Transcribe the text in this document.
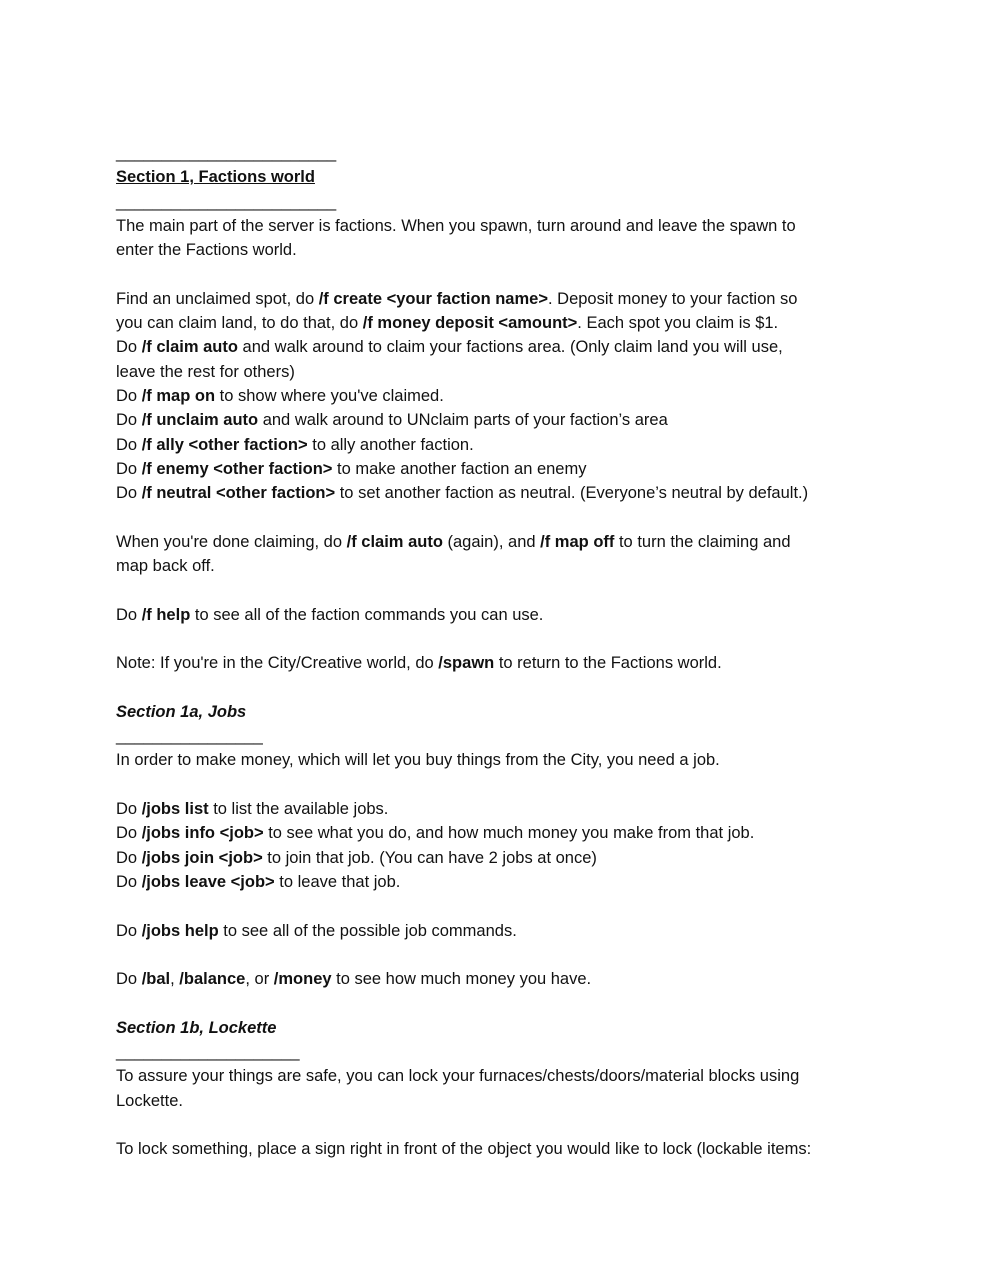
________________________
Section 1, Factions world
________________________
The main part of the server is factions. When you spawn, turn around and leave the spawn to
enter the Factions world.
Find an unclaimed spot, do /f create <your faction name>. Deposit money to your faction so
you can claim land, to do that, do /f money deposit <amount>. Each spot you claim is $1.
Do /f claim auto and walk around to claim your factions area. (Only claim land you will use,
leave the rest for others)
Do /f map on to show where you've claimed.
Do /f unclaim auto and walk around to UNclaim parts of your faction’s area
Do /f ally <other faction> to ally another faction.
Do /f enemy <other faction> to make another faction an enemy
Do /f neutral <other faction> to set another faction as neutral. (Everyone’s neutral by default.)
When you're done claiming, do /f claim auto (again), and /f map off to turn the claiming and
map back off.
Do /f help to see all of the faction commands you can use.
Note: If you're in the City/Creative world, do /spawn to return to the Factions world.
Section 1a, Jobs
________________
In order to make money, which will let you buy things from the City, you need a job.
Do /jobs list to list the available jobs.
Do /jobs info <job> to see what you do, and how much money you make from that job.
Do /jobs join <job> to join that job. (You can have 2 jobs at once)
Do /jobs leave <job> to leave that job.
Do /jobs help to see all of the possible job commands.
Do /bal, /balance, or /money to see how much money you have.
Section 1b, Lockette
____________________
To assure your things are safe, you can lock your furnaces/chests/doors/material blocks using
Lockette.
To lock something, place a sign right in front of the object you would like to lock (lockable items:
